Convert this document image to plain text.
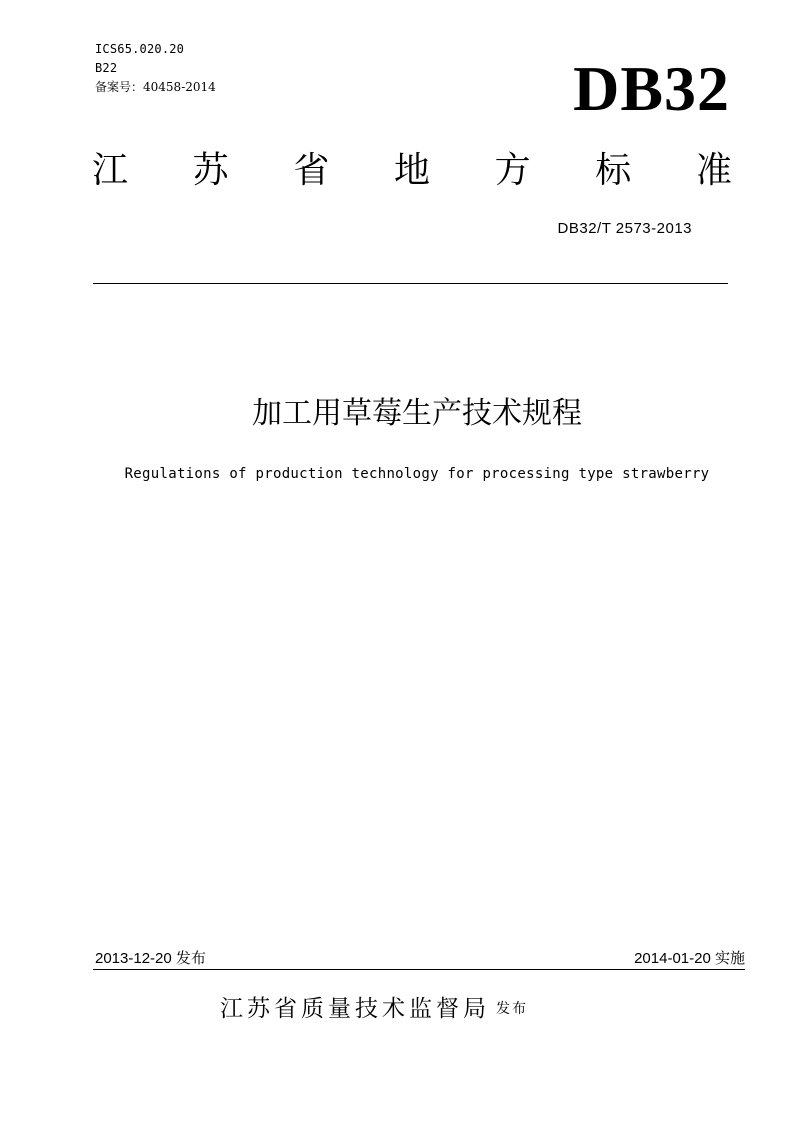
ICS65.020.20
B22
备案号：40458-2014	DB32
江 苏 省 地 方 标 准
DB32/T 2573-2013
加工用草莓生产技术规程
Regulations of production technology for processing type strawberry
2013-12-20 发布	2014-01-20 实施
江苏省质量技术监督局 发布
